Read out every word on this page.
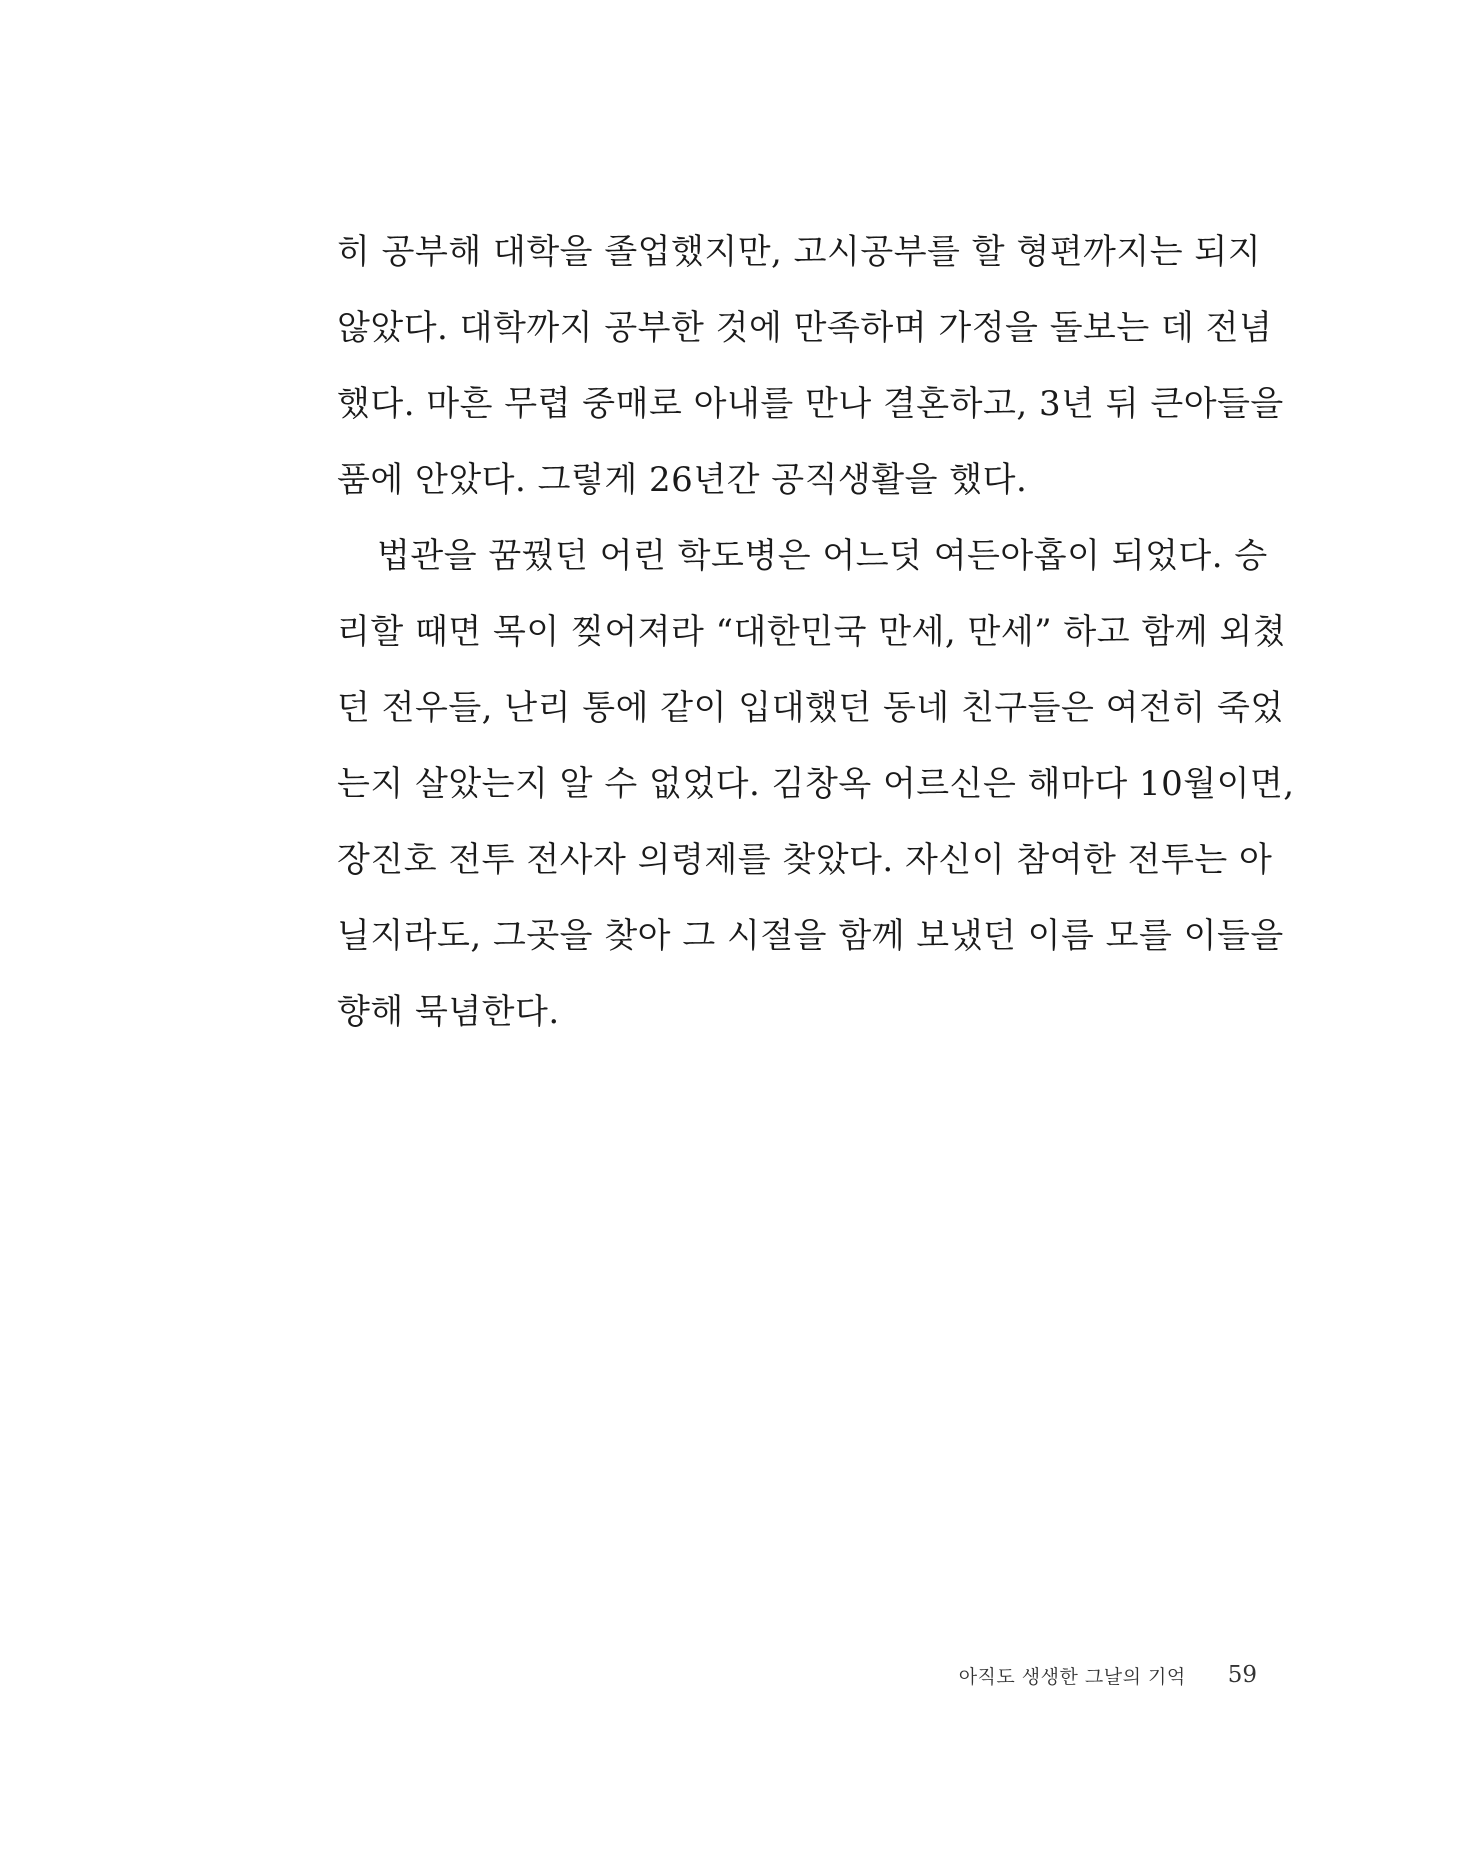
히 공부해 대학을 졸업했지만, 고시공부를 할 형편까지는 되지
않았다. 대학까지 공부한 것에 만족하며 가정을 돌보는 데 전념
했다. 마흔 무렵 중매로 아내를 만나 결혼하고, 3년 뒤 큰아들을
품에 안았다. 그렇게 26년간 공직생활을 했다.
법관을 꿈꿨던 어린 학도병은 어느덧 여든아홉이 되었다. 승
리할 때면 목이 찢어져라 “대한민국 만세, 만세” 하고 함께 외쳤
던 전우들, 난리 통에 같이 입대했던 동네 친구들은 여전히 죽었
는지 살았는지 알 수 없었다. 김창옥 어르신은 해마다 10월이면,
장진호 전투 전사자 의령제를 찾았다. 자신이 참여한 전투는 아
닐지라도, 그곳을 찾아 그 시절을 함께 보냈던 이름 모를 이들을
향해 묵념한다.
아직도 생생한 그날의 기억 59
